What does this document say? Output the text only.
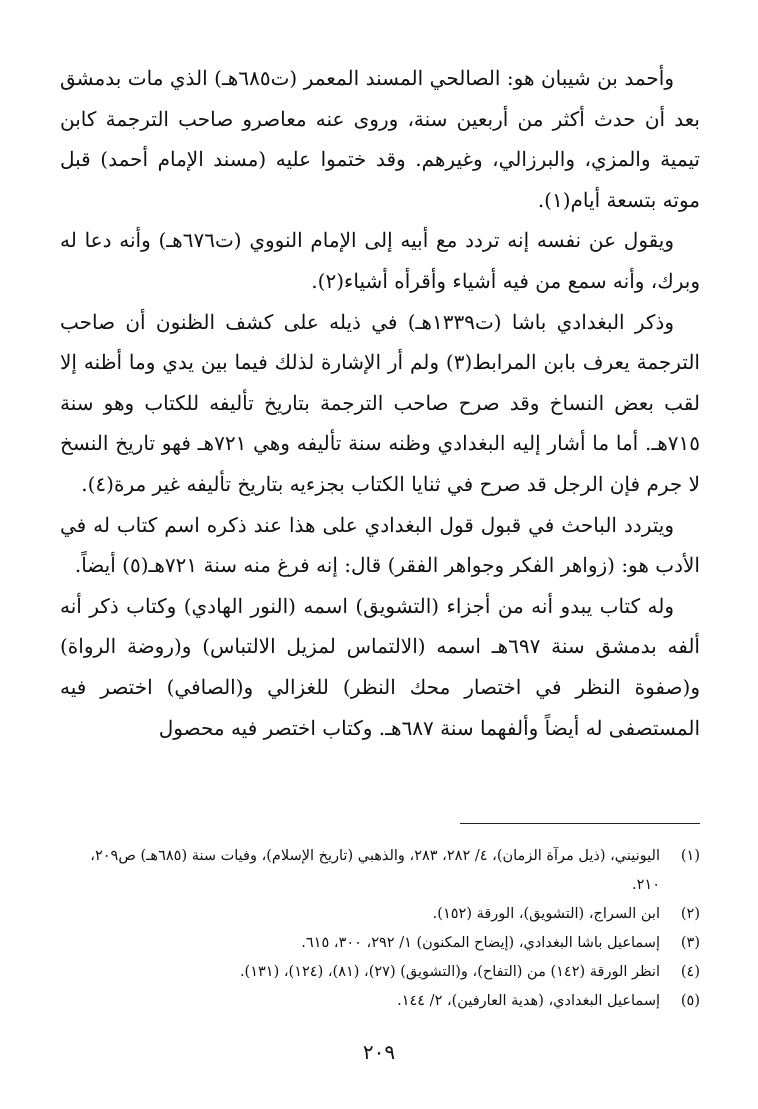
وأحمد بن شيبان هو: الصالحي المسند المعمر (ت٦٨٥هـ) الذي مات بدمشق بعد أن حدث أكثر من أربعين سنة، وروى عنه معاصرو صاحب الترجمة كابن تيمية والمزي، والبرزالي، وغيرهم. وقد ختموا عليه (مسند الإمام أحمد) قبل موته بتسعة أيام(١).

ويقول عن نفسه إنه تردد مع أبيه إلى الإمام النووي (ت٦٧٦هـ) وأنه دعا له وبرك، وأنه سمع من فيه أشياء وأقرأه أشياء(٢).

وذكر البغدادي باشا (ت١٣٣٩هـ) في ذيله على كشف الظنون أن صاحب الترجمة يعرف بابن المرابط(٣) ولم أر الإشارة لذلك فيما بين يدي وما أظنه إلا لقب بعض النساخ وقد صرح صاحب الترجمة بتاريخ تأليفه للكتاب وهو سنة ٧١٥هـ. أما ما أشار إليه البغدادي وظنه سنة تأليفه وهي ٧٢١هـ فهو تاريخ النسخ لا جرم فإن الرجل قد صرح في ثنايا الكتاب بجزءيه بتاريخ تأليفه غير مرة(٤).

ويتردد الباحث في قبول قول البغدادي على هذا عند ذكره اسم كتاب له في الأدب هو: (زواهر الفكر وجواهر الفقر) قال: إنه فرغ منه سنة ٧٢١هـ(٥) أيضاً.

وله كتاب يبدو أنه من أجزاء (التشويق) اسمه (النور الهادي) وكتاب ذكر أنه ألفه بدمشق سنة ٦٩٧هـ اسمه (الالتماس لمزيل الالتباس) و(روضة الرواة) و(صفوة النظر في اختصار محك النظر) للغزالي و(الصافي) اختصر فيه المستصفى له أيضاً وألفهما سنة ٦٨٧هـ. وكتاب اختصر فيه محصول

(١)
اليونيني، (ذيل مرآة الزمان)، ٤/ ٢٨٢، ٢٨٣، والذهبي (تاريخ الإسلام)، وفيات سنة (٦٨٥هـ) ص٢٠٩، ٢١٠.
(٢)
ابن السراج، (التشويق)، الورقة (١٥٢).
(٣)
إسماعيل باشا البغدادي، (إيضاح المكنون) ١/ ٢٩٢، ٣٠٠، ٦١٥.
(٤)
انظر الورقة (١٤٢) من (التفاح)، و(التشويق) (٢٧)، (٨١)، (١٢٤)، (١٣١).
(٥)
إسماعيل البغدادي، (هدية العارفين)، ٢/ ١٤٤.
٢٠٩
